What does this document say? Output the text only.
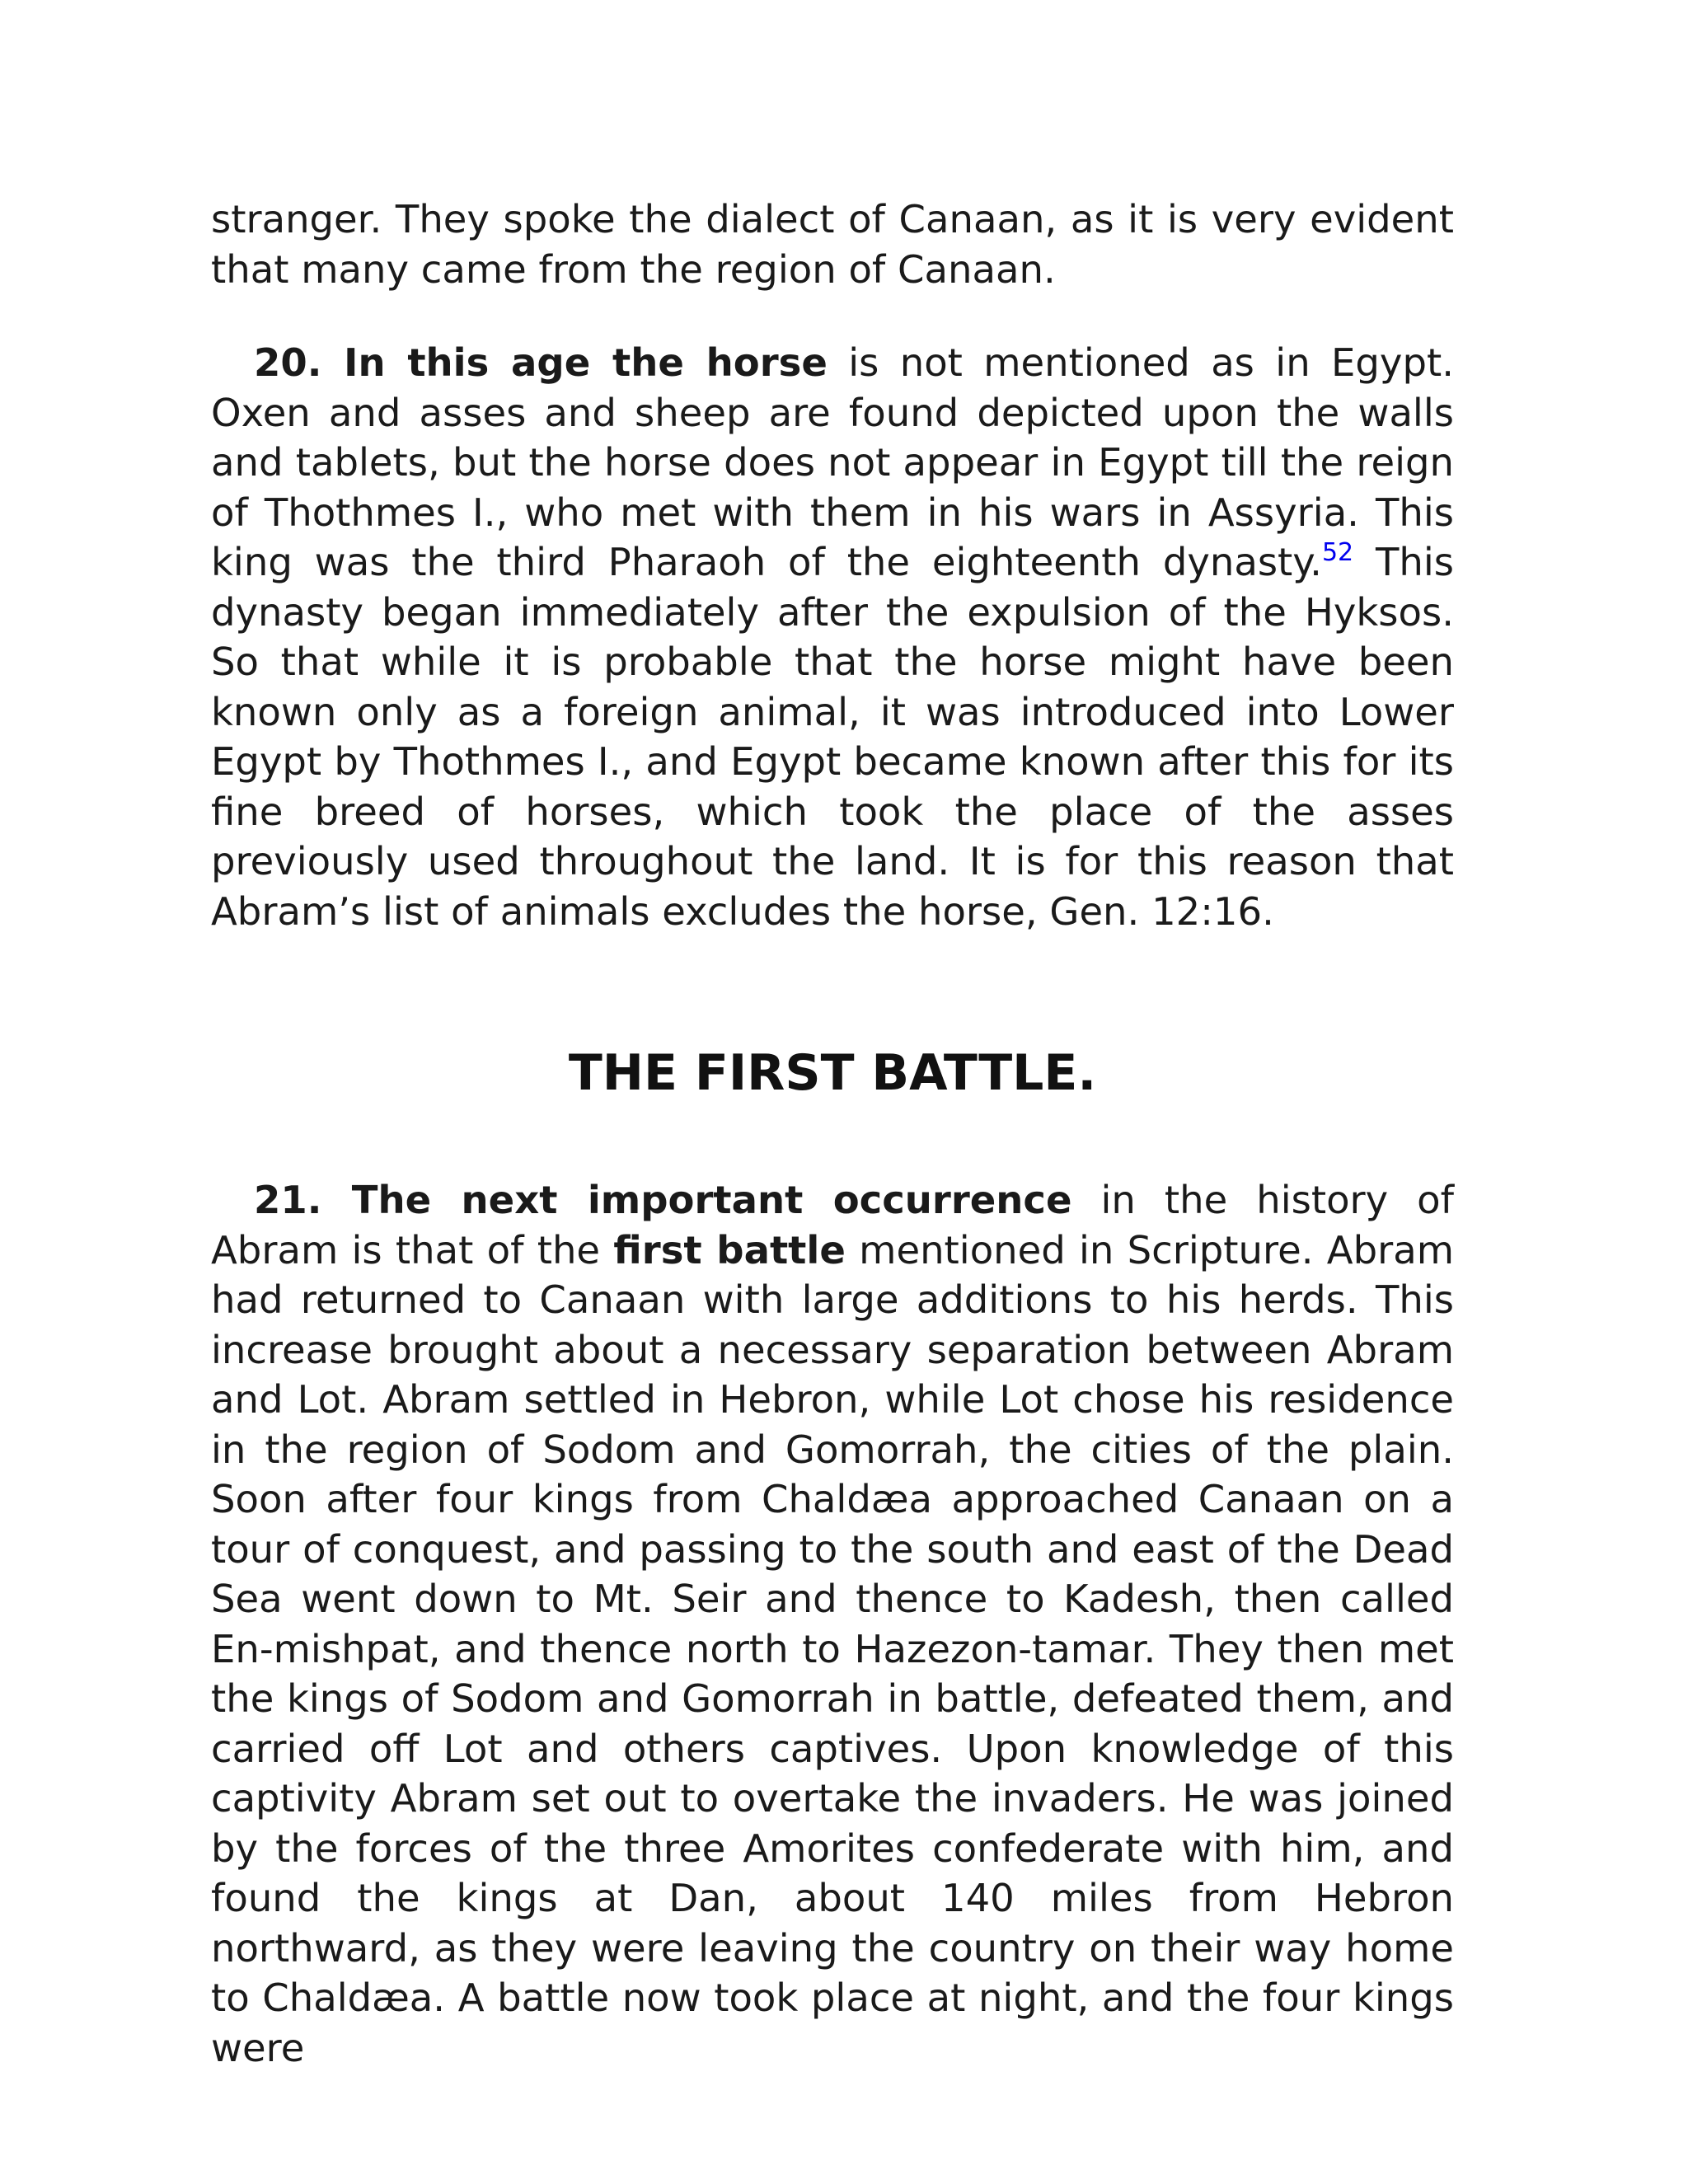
stranger. They spoke the dialect of Canaan, as it is very evident that many came from the region of Canaan.

20. In this age the horse is not mentioned as in Egypt. Oxen and asses and sheep are found depicted upon the walls and tablets, but the horse does not appear in Egypt till the reign of Thothmes I., who met with them in his wars in Assyria. This king was the third Pharaoh of the eighteenth dynasty.$^{52}$ This dynasty began immediately after the expulsion of the Hyksos. So that while it is probable that the horse might have been known only as a foreign animal, it was introduced into Lower Egypt by Thothmes I., and Egypt became known after this for its fine breed of horses, which took the place of the asses previously used throughout the land. It is for this reason that Abram’s list of animals excludes the horse, Gen. 12:16.

THE FIRST BATTLE.

21. The next important occurrence in the history of Abram is that of the first battle mentioned in Scripture. Abram had returned to Canaan with large additions to his herds. This increase brought about a necessary separation between Abram and Lot. Abram settled in Hebron, while Lot chose his residence in the region of Sodom and Gomorrah, the cities of the plain. Soon after four kings from Chaldæa approached Canaan on a tour of conquest, and passing to the south and east of the Dead Sea went down to Mt. Seir and thence to Kadesh, then called En-mishpat, and thence north to Hazezon-tamar. They then met the kings of Sodom and Gomorrah in battle, defeated them, and carried off Lot and others captives. Upon knowledge of this captivity Abram set out to overtake the invaders. He was joined by the forces of the three Amorites confederate with him, and found the kings at Dan, about 140 miles from Hebron northward, as they were leaving the country on their way home to Chaldæa. A battle now took place at night, and the four kings were
